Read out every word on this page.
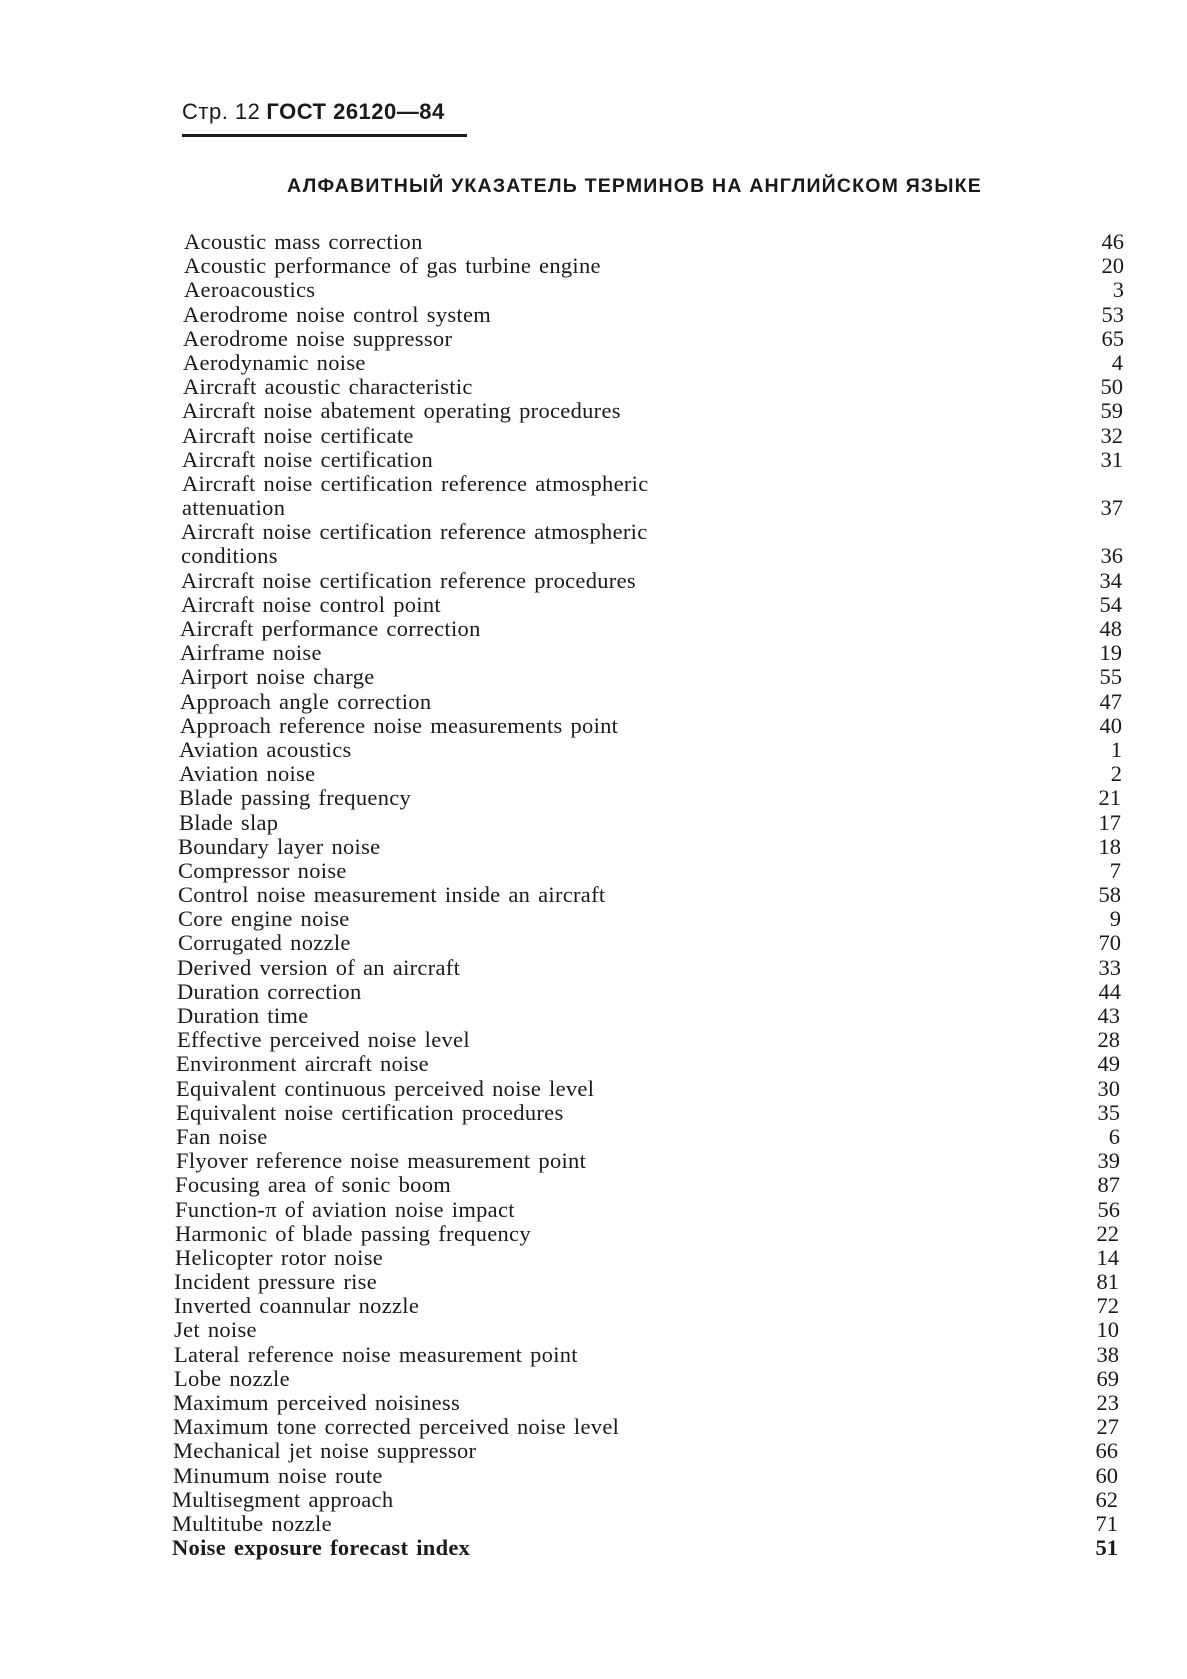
Стр. 12 ГОСТ 26120—84
АЛФАВИТНЫЙ УКАЗАТЕЛЬ ТЕРМИНОВ НА АНГЛИЙСКОМ ЯЗЫКЕ
Acoustic mass correction	46
Acoustic performance of gas turbine engine	20
Aeroacoustics	3
Aerodrome noise control system	53
Aerodrome noise suppressor	65
Aerodynamic noise	4
Aircraft acoustic characteristic	50
Aircraft noise abatement operating procedures	59
Aircraft noise certificate	32
Aircraft noise certification	31
Aircraft noise certification reference atmospheric
attenuation	37
Aircraft noise certification reference atmospheric
conditions	36
Aircraft noise certification reference procedures	34
Aircraft noise control point	54
Aircraft performance correction	48
Airframe noise	19
Airport noise charge	55
Approach angle correction	47
Approach reference noise measurements point	40
Aviation acoustics	1
Aviation noise	2
Blade passing frequency	21
Blade slap	17
Boundary layer noise	18
Compressor noise	7
Control noise measurement inside an aircraft	58
Core engine noise	9
Corrugated nozzle	70
Derived version of an aircraft	33
Duration correction	44
Duration time	43
Effective perceived noise level	28
Environment aircraft noise	49
Equivalent continuous perceived noise level	30
Equivalent noise certification procedures	35
Fan noise	6
Flyover reference noise measurement point	39
Focusing area of sonic boom	87
Function-π of aviation noise impact	56
Harmonic of blade passing frequency	22
Helicopter rotor noise	14
Incident pressure rise	81
Inverted coannular nozzle	72
Jet noise	10
Lateral reference noise measurement point	38
Lobe nozzle	69
Maximum perceived noisiness	23
Maximum tone corrected perceived noise level	27
Mechanical jet noise suppressor	66
Minumum noise route	60
Multisegment approach	62
Multitube nozzle	71
Noise exposure forecast index	51
